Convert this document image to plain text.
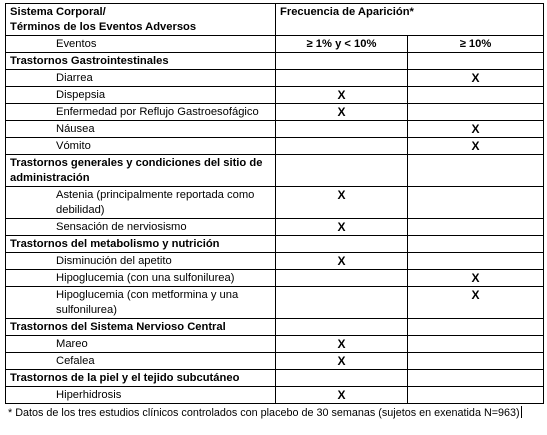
Sistema Corporal/
Términos de los Eventos Adversos	Frecuencia de Aparición*	
Eventos	≥ 1% y < 10%	≥ 10%
Trastornos Gastrointestinales		
Diarrea		X
Dispepsia	X	
Enfermedad por Reflujo Gastroesofágico	X	
Náusea		X
Vómito		X
Trastornos generales y condiciones del sitio de administración		
Astenia (principalmente reportada como debilidad)	X	
Sensación de nerviosismo	X	
Trastornos del metabolismo y nutrición		
Disminución del apetito	X	
Hipoglucemia (con una sulfonilurea)		X
Hipoglucemia (con metformina y una sulfonilurea)		X
Trastornos del Sistema Nervioso Central		
Mareo	X	
Cefalea	X	
Trastornos de la piel y el tejido subcutáneo		
Hiperhidrosis	X	
* Datos de los tres estudios clínicos controlados con placebo de 30 semanas (sujetos en exenatida N=963)
